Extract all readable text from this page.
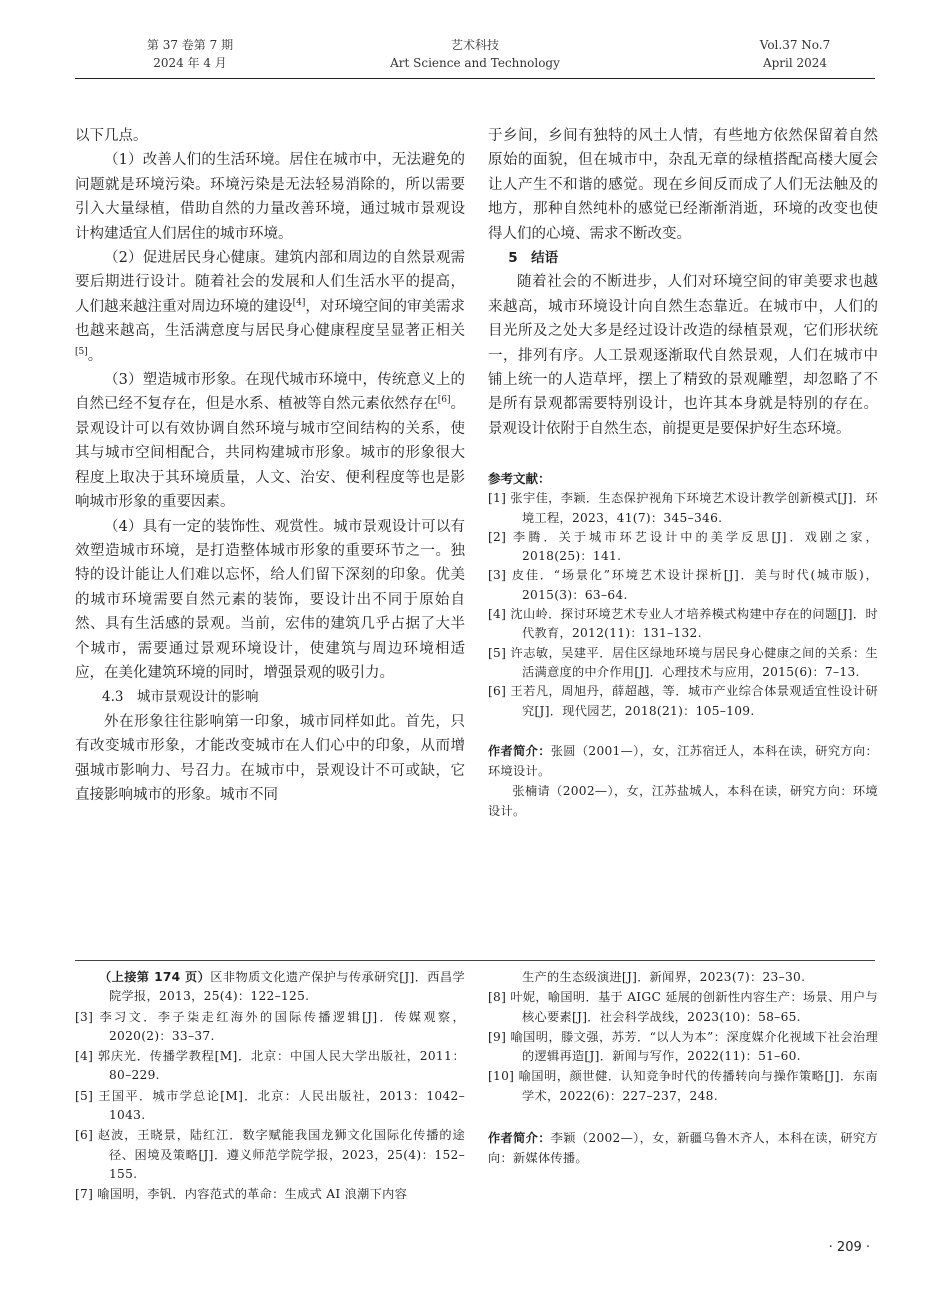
第 37 卷第 7 期
2024 年 4 月
艺术科技
Art Science and Technology
Vol.37 No.7
April 2024

以下几点。

（1）改善人们的生活环境。居住在城市中，无法避免的问题就是环境污染。环境污染是无法轻易消除的，所以需要引入大量绿植，借助自然的力量改善环境，通过城市景观设计构建适宜人们居住的城市环境。

（2）促进居民身心健康。建筑内部和周边的自然景观需要后期进行设计。随着社会的发展和人们生活水平的提高，人们越来越注重对周边环境的建设[4]，对环境空间的审美需求也越来越高，生活满意度与居民身心健康程度呈显著正相关[5]。

（3）塑造城市形象。在现代城市环境中，传统意义上的自然已经不复存在，但是水系、植被等自然元素依然存在[6]。景观设计可以有效协调自然环境与城市空间结构的关系，使其与城市空间相配合，共同构建城市形象。城市的形象很大程度上取决于其环境质量，人文、治安、便利程度等也是影响城市形象的重要因素。

（4）具有一定的装饰性、观赏性。城市景观设计可以有效塑造城市环境，是打造整体城市形象的重要环节之一。独特的设计能让人们难以忘怀，给人们留下深刻的印象。优美的城市环境需要自然元素的装饰，要设计出不同于原始自然、具有生活感的景观。当前，宏伟的建筑几乎占据了大半个城市，需要通过景观环境设计，使建筑与周边环境相适应，在美化建筑环境的同时，增强景观的吸引力。

4.3　城市景观设计的影响

外在形象往往影响第一印象，城市同样如此。首先，只有改变城市形象，才能改变城市在人们心中的印象，从而增强城市影响力、号召力。在城市中，景观设计不可或缺，它直接影响城市的形象。城市不同

于乡间，乡间有独特的风土人情，有些地方依然保留着自然原始的面貌，但在城市中，杂乱无章的绿植搭配高楼大厦会让人产生不和谐的感觉。现在乡间反而成了人们无法触及的地方，那种自然纯朴的感觉已经渐渐消逝，环境的改变也使得人们的心境、需求不断改变。

5　结语

随着社会的不断进步，人们对环境空间的审美要求也越来越高，城市环境设计向自然生态靠近。在城市中，人们的目光所及之处大多是经过设计改造的绿植景观，它们形状统一，排列有序。人工景观逐渐取代自然景观，人们在城市中铺上统一的人造草坪，摆上了精致的景观雕塑，却忽略了不是所有景观都需要特别设计，也许其本身就是特别的存在。景观设计依附于自然生态，前提更是要保护好生态环境。

参考文献：

[1] 张宇佳，李颖．生态保护视角下环境艺术设计教学创新模式[J]．环境工程，2023，41(7)：345–346.

[2] 李腾．关于城市环艺设计中的美学反思[J]．戏剧之家，2018(25)：141.

[3] 皮佳．“场景化”环境艺术设计探析[J]．美与时代(城市版)，2015(3)：63–64.

[4] 沈山岭．探讨环境艺术专业人才培养模式构建中存在的问题[J]．时代教育，2012(11)：131–132.

[5] 许志敏，吴建平．居住区绿地环境与居民身心健康之间的关系：生活满意度的中介作用[J]．心理技术与应用，2015(6)：7–13.

[6] 王若凡，周旭丹，薛超越，等．城市产业综合体景观适宜性设计研究[J]．现代园艺，2018(21)：105–109.

作者简介：张圆（2001—），女，江苏宿迁人，本科在读，研究方向：环境设计。

张楠请（2002—），女，江苏盐城人，本科在读，研究方向：环境设计。

（上接第 174 页）区非物质文化遗产保护与传承研究[J]．西昌学院学报，2013，25(4)：122–125.

[3] 李习文．李子柒走红海外的国际传播逻辑[J]．传媒观察，2020(2)：33–37.

[4] 郭庆光．传播学教程[M]．北京：中国人民大学出版社，2011：80–229.

[5] 王国平．城市学总论[M]．北京：人民出版社，2013：1042–1043.

[6] 赵波，王晓景，陆红江．数字赋能我国龙狮文化国际化传播的途径、困境及策略[J]．遵义师范学院学报，2023，25(4)：152–155.

[7] 喻国明，李钒．内容范式的革命：生成式 AI 浪潮下内容

生产的生态级演进[J]．新闻界，2023(7)：23–30.

[8] 叶妮，喻国明．基于 AIGC 延展的创新性内容生产：场景、用户与核心要素[J]．社会科学战线，2023(10)：58–65.

[9] 喻国明，滕文强，苏芳．“以人为本”：深度媒介化视域下社会治理的逻辑再造[J]．新闻与写作，2022(11)：51–60.

[10] 喻国明，颜世健．认知竞争时代的传播转向与操作策略[J]．东南学术，2022(6)：227–237，248.

作者简介：李颖（2002—），女，新疆乌鲁木齐人，本科在读，研究方向：新媒体传播。

· 209 ·
